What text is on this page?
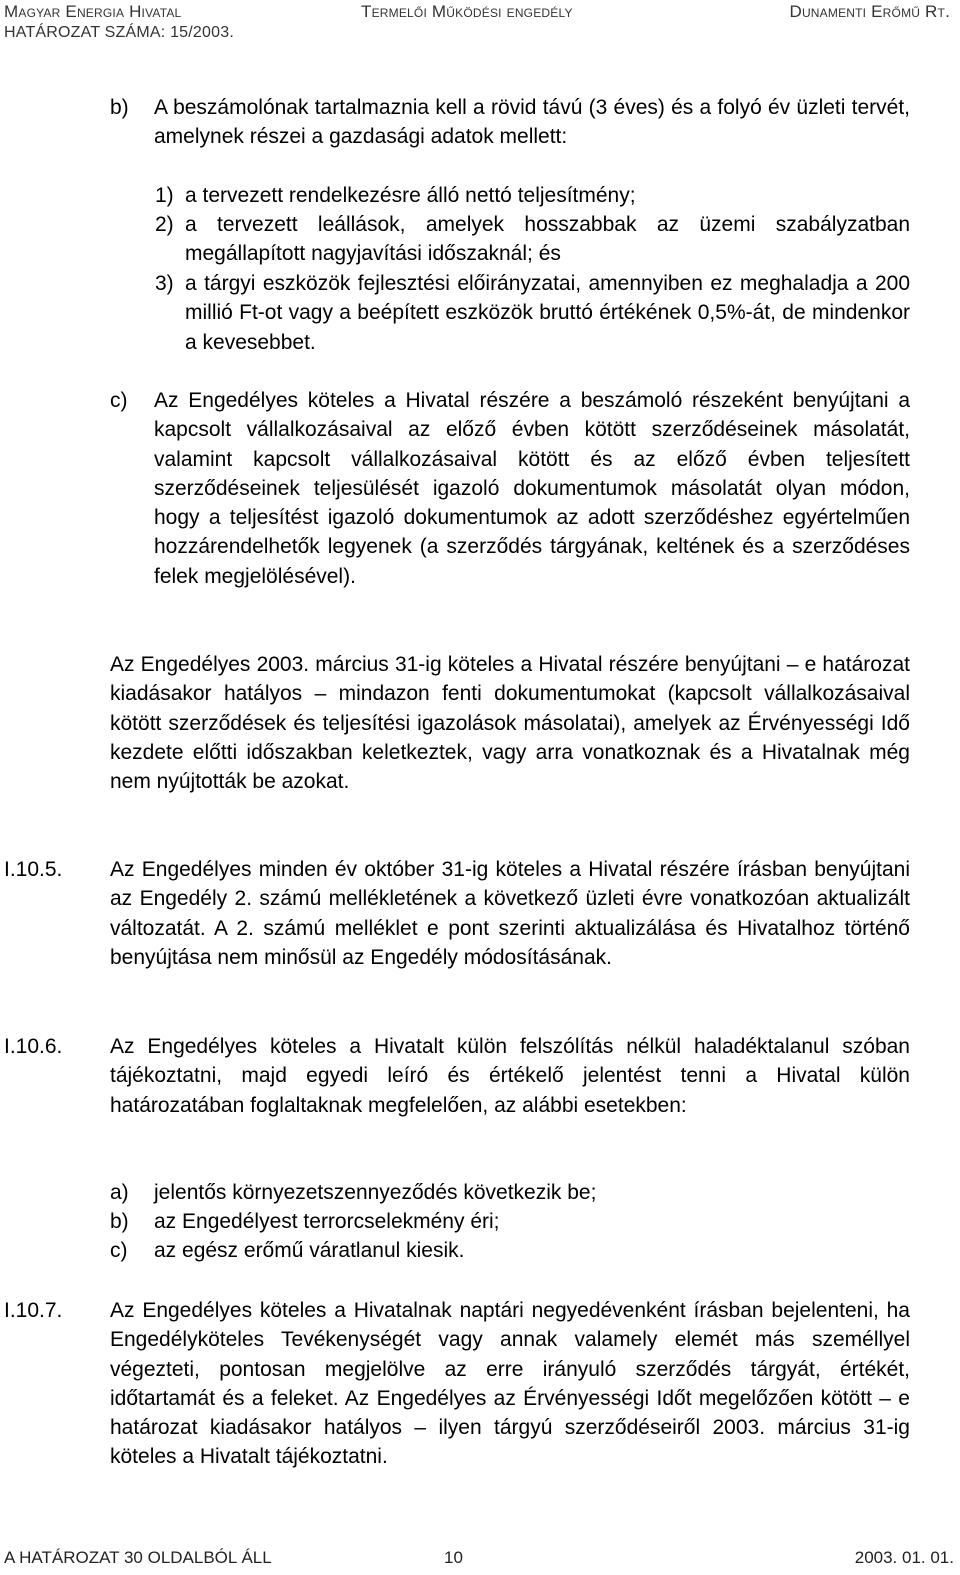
Magyar Energia Hivatal	Termelői Működési engedély	Dunamenti Erőmű Rt.
HATÁROZAT SZÁMA: 15/2003.
b) A beszámolónak tartalmaznia kell a rövid távú (3 éves) és a folyó év üzleti tervét, amelynek részei a gazdasági adatok mellett:
1) a tervezett rendelkezésre álló nettó teljesítmény;
2) a tervezett leállások, amelyek hosszabbak az üzemi szabályzatban megállapított nagyjavítási időszaknál; és
3) a tárgyi eszközök fejlesztési előirányzatai, amennyiben ez meghaladja a 200 millió Ft-ot vagy a beépített eszközök bruttó értékének 0,5%-át, de mindenkor a kevesebbet.
c) Az Engedélyes köteles a Hivatal részére a beszámoló részeként benyújtani a kapcsolt vállalkozásaival az előző évben kötött szerződéseinek másolatát, valamint kapcsolt vállalkozásaival kötött és az előző évben teljesített szerződéseinek teljesülését igazoló dokumentumok másolatát olyan módon, hogy a teljesítést igazoló dokumentumok az adott szerződéshez egyértelműen hozzárendelhetők legyenek (a szerződés tárgyának, keltének és a szerződéses felek megjelölésével).
Az Engedélyes 2003. március 31-ig köteles a Hivatal részére benyújtani – e határozat kiadásakor hatályos – mindazon fenti dokumentumokat (kapcsolt vállalkozásaival kötött szerződések és teljesítési igazolások másolatai), amelyek az Érvényességi Idő kezdete előtti időszakban keletkeztek, vagy arra vonatkoznak és a Hivatalnak még nem nyújtották be azokat.
I.10.5. Az Engedélyes minden év október 31-ig köteles a Hivatal részére írásban benyújtani az Engedély 2. számú mellékletének a következő üzleti évre vonatkozóan aktualizált változatát. A 2. számú melléklet e pont szerinti aktualizálása és Hivatalhoz történő benyújtása nem minősül az Engedély módosításának.
I.10.6. Az Engedélyes köteles a Hivatalt külön felszólítás nélkül haladéktalanul szóban tájékoztatni, majd egyedi leíró és értékelő jelentést tenni a Hivatal külön határozatában foglaltaknak megfelelően, az alábbi esetekben:
a) jelentős környezetszennyeződés következik be;
b) az Engedélyest terrorcselekmény éri;
c) az egész erőmű váratlanul kiesik.
I.10.7. Az Engedélyes köteles a Hivatalnak naptári negyedévenként írásban bejelenteni, ha Engedélyköteles Tevékenységét vagy annak valamely elemét más személlyel végezteti, pontosan megjelölve az erre irányuló szerződés tárgyát, értékét, időtartamát és a feleket. Az Engedélyes az Érvényességi Időt megelőzően kötött – e határozat kiadásakor hatályos – ilyen tárgyú szerződéseiről 2003. március 31-ig köteles a Hivatalt tájékoztatni.
A HATÁROZAT 30 OLDALBÓL ÁLL	10	2003. 01. 01.
